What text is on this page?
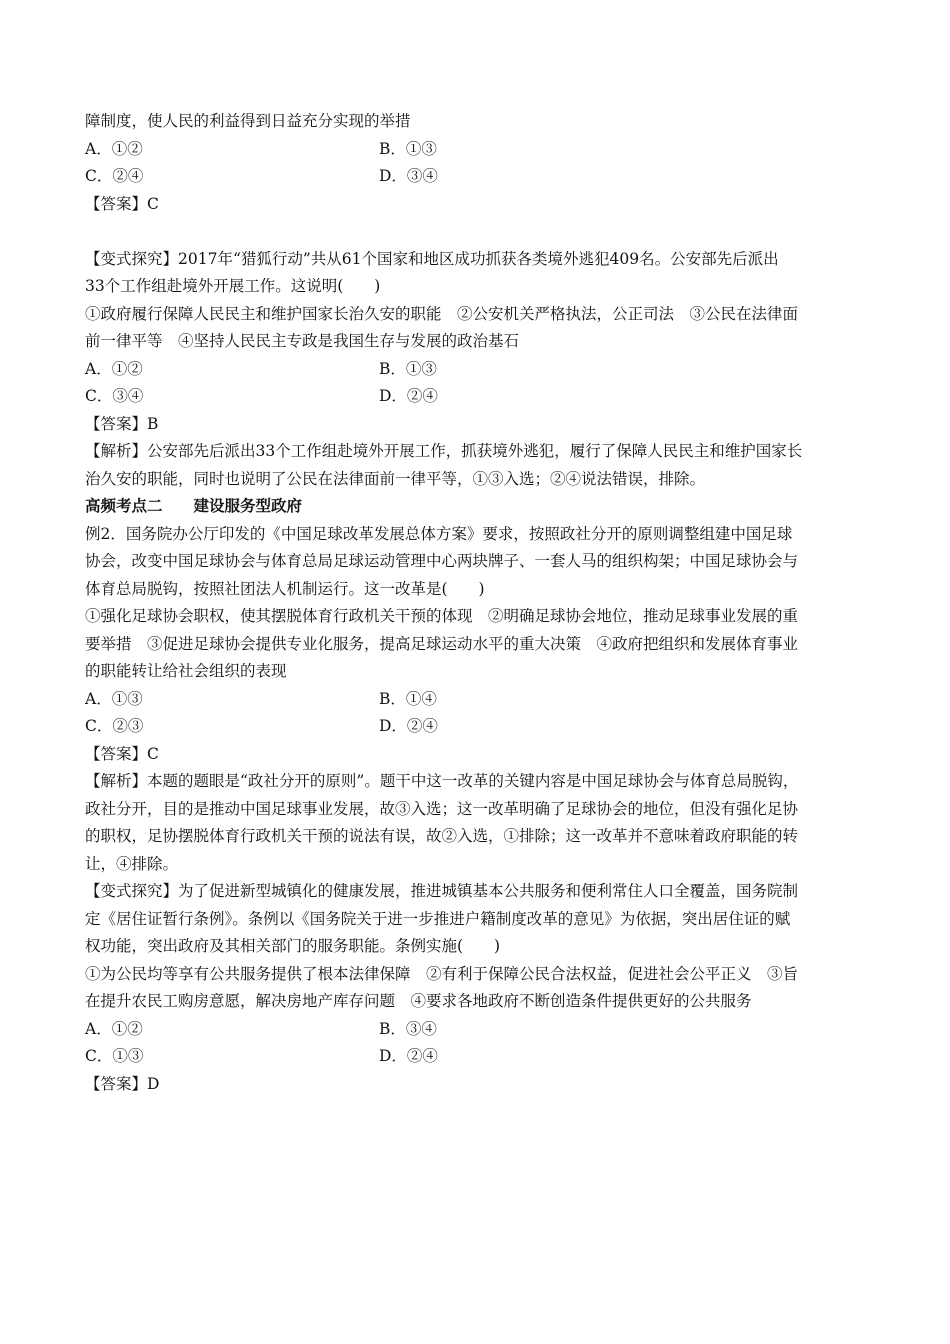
障制度，使人民的利益得到日益充分实现的举措
A．①②	B．①③
C．②④	D．③④
【答案】C
【变式探究】2017年“猎狐行动”共从61个国家和地区成功抓获各类境外逃犯409名。公安部先后派出
33个工作组赴境外开展工作。这说明(　　)
①政府履行保障人民民主和维护国家长治久安的职能　②公安机关严格执法，公正司法　③公民在法律面
前一律平等　④坚持人民民主专政是我国生存与发展的政治基石
A．①②	B．①③
C．③④	D．②④
【答案】B
【解析】公安部先后派出33个工作组赴境外开展工作，抓获境外逃犯，履行了保障人民民主和维护国家长
治久安的职能，同时也说明了公民在法律面前一律平等，①③入选；②④说法错误，排除。
高频考点二　　建设服务型政府
例2．国务院办公厅印发的《中国足球改革发展总体方案》要求，按照政社分开的原则调整组建中国足球
协会，改变中国足球协会与体育总局足球运动管理中心两块牌子、一套人马的组织构架；中国足球协会与
体育总局脱钩，按照社团法人机制运行。这一改革是(　　)
①强化足球协会职权，使其摆脱体育行政机关干预的体现　②明确足球协会地位，推动足球事业发展的重
要举措　③促进足球协会提供专业化服务，提高足球运动水平的重大决策　④政府把组织和发展体育事业
的职能转让给社会组织的表现
A．①③	B．①④
C．②③	D．②④
【答案】C
【解析】本题的题眼是“政社分开的原则”。题干中这一改革的关键内容是中国足球协会与体育总局脱钩，
政社分开，目的是推动中国足球事业发展，故③入选；这一改革明确了足球协会的地位，但没有强化足协
的职权，足协摆脱体育行政机关干预的说法有误，故②入选，①排除；这一改革并不意味着政府职能的转
让，④排除。
【变式探究】为了促进新型城镇化的健康发展，推进城镇基本公共服务和便利常住人口全覆盖，国务院制
定《居住证暂行条例》。条例以《国务院关于进一步推进户籍制度改革的意见》为依据，突出居住证的赋
权功能，突出政府及其相关部门的服务职能。条例实施(　　)
①为公民均等享有公共服务提供了根本法律保障　②有利于保障公民合法权益，促进社会公平正义　③旨
在提升农民工购房意愿，解决房地产库存问题　④要求各地政府不断创造条件提供更好的公共服务
A．①②	B．③④
C．①③	D．②④
【答案】D
